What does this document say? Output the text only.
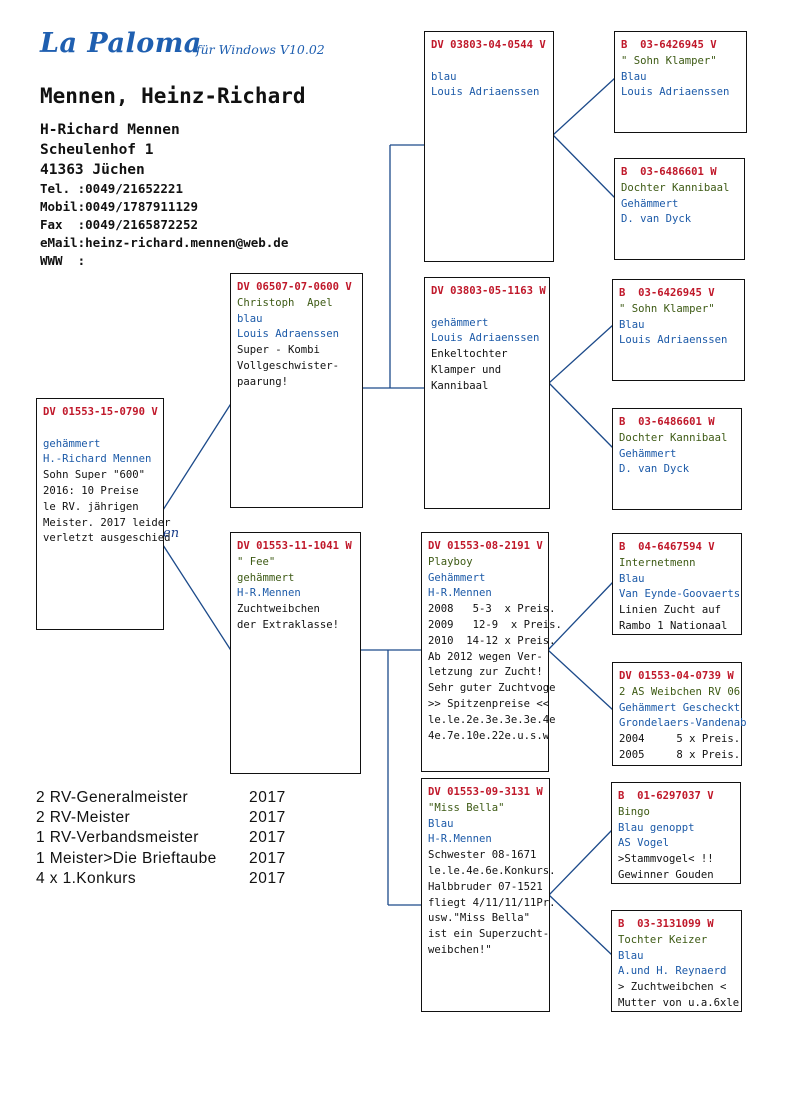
La Paloma
für Windows V10.02
Mennen, Heinz-Richard
H-Richard Mennen
Scheulenhof 1
41363 Jüchen
Tel. :0049/21652221
Mobil:0049/1787911129
Fax  :0049/2165872252
eMail:heinz-richard.mennen@web.de
WWW  :
DV 01553-15-0790 V

gehämmert
H.-Richard Mennen
Sohn Super "600"
2016: 10 Preise
le RV. jährigen
Meister. 2017 leider
verletzt ausgeschied
DV 06507-07-0600 V
Christoph  Apel
blau
Louis Adraenssen
Super - Kombi
Vollgeschwister-
paarung!
DV 01553-11-1041 W
" Fee"
gehämmert
H-R.Mennen
Zuchtweibchen
der Extraklasse!
DV 03803-04-0544 V

blau
Louis Adriaenssen
DV 03803-05-1163 W

gehämmert
Louis Adriaenssen
Enkeltochter
Klamper und
Kannibaal
DV 01553-08-2191 V
Playboy
Gehämmert
H-R.Mennen
2008   5-3  x Preis.
2009   12-9  x Preis.
2010  14-12 x Preis.
Ab 2012 wegen Ver-
letzung zur Zucht!
Sehr guter Zuchtvoge
>> Spitzenpreise <<
le.le.2e.3e.3e.3e.4e
4e.7e.10e.22e.u.s.w
DV 01553-09-3131 W
"Miss Bella"
Blau
H-R.Mennen
Schwester 08-1671
le.le.4e.6e.Konkurs.
Halbbruder 07-1521
fliegt 4/11/11/11Pr.
usw."Miss Bella"
ist ein Superzucht-
weibchen!"
B  03-6426945 V
" Sohn Klamper"
Blau
Louis Adriaenssen
B  03-6486601 W
Dochter Kannibaal
Gehämmert
D. van Dyck
B  03-6426945 V
" Sohn Klamper"
Blau
Louis Adriaenssen
B  03-6486601 W
Dochter Kannibaal
Gehämmert
D. van Dyck
B  04-6467594 V
Internetmenn
Blau
Van Eynde-Goovaerts
Linien Zucht auf
Rambo 1 Nationaal
DV 01553-04-0739 W
2 AS Weibchen RV 06
Gehämmert Gescheckt
Grondelaers-Vandenab
2004     5 x Preis.
2005     8 x Preis.
B  01-6297037 V
Bingo
Blau genoppt
AS Vogel
>Stammvogel< !!
Gewinner Gouden
B  03-3131099 W
Tochter Keizer
Blau
A.und H. Reynaerd
> Zuchtweibchen <
Mutter von u.a.6xle
en
2 RV-Generalmeister	2017
2 RV-Meister	2017
1 RV-Verbandsmeister	2017
1 Meister>Die Brieftaube	2017
4 x 1.Konkurs	2017
